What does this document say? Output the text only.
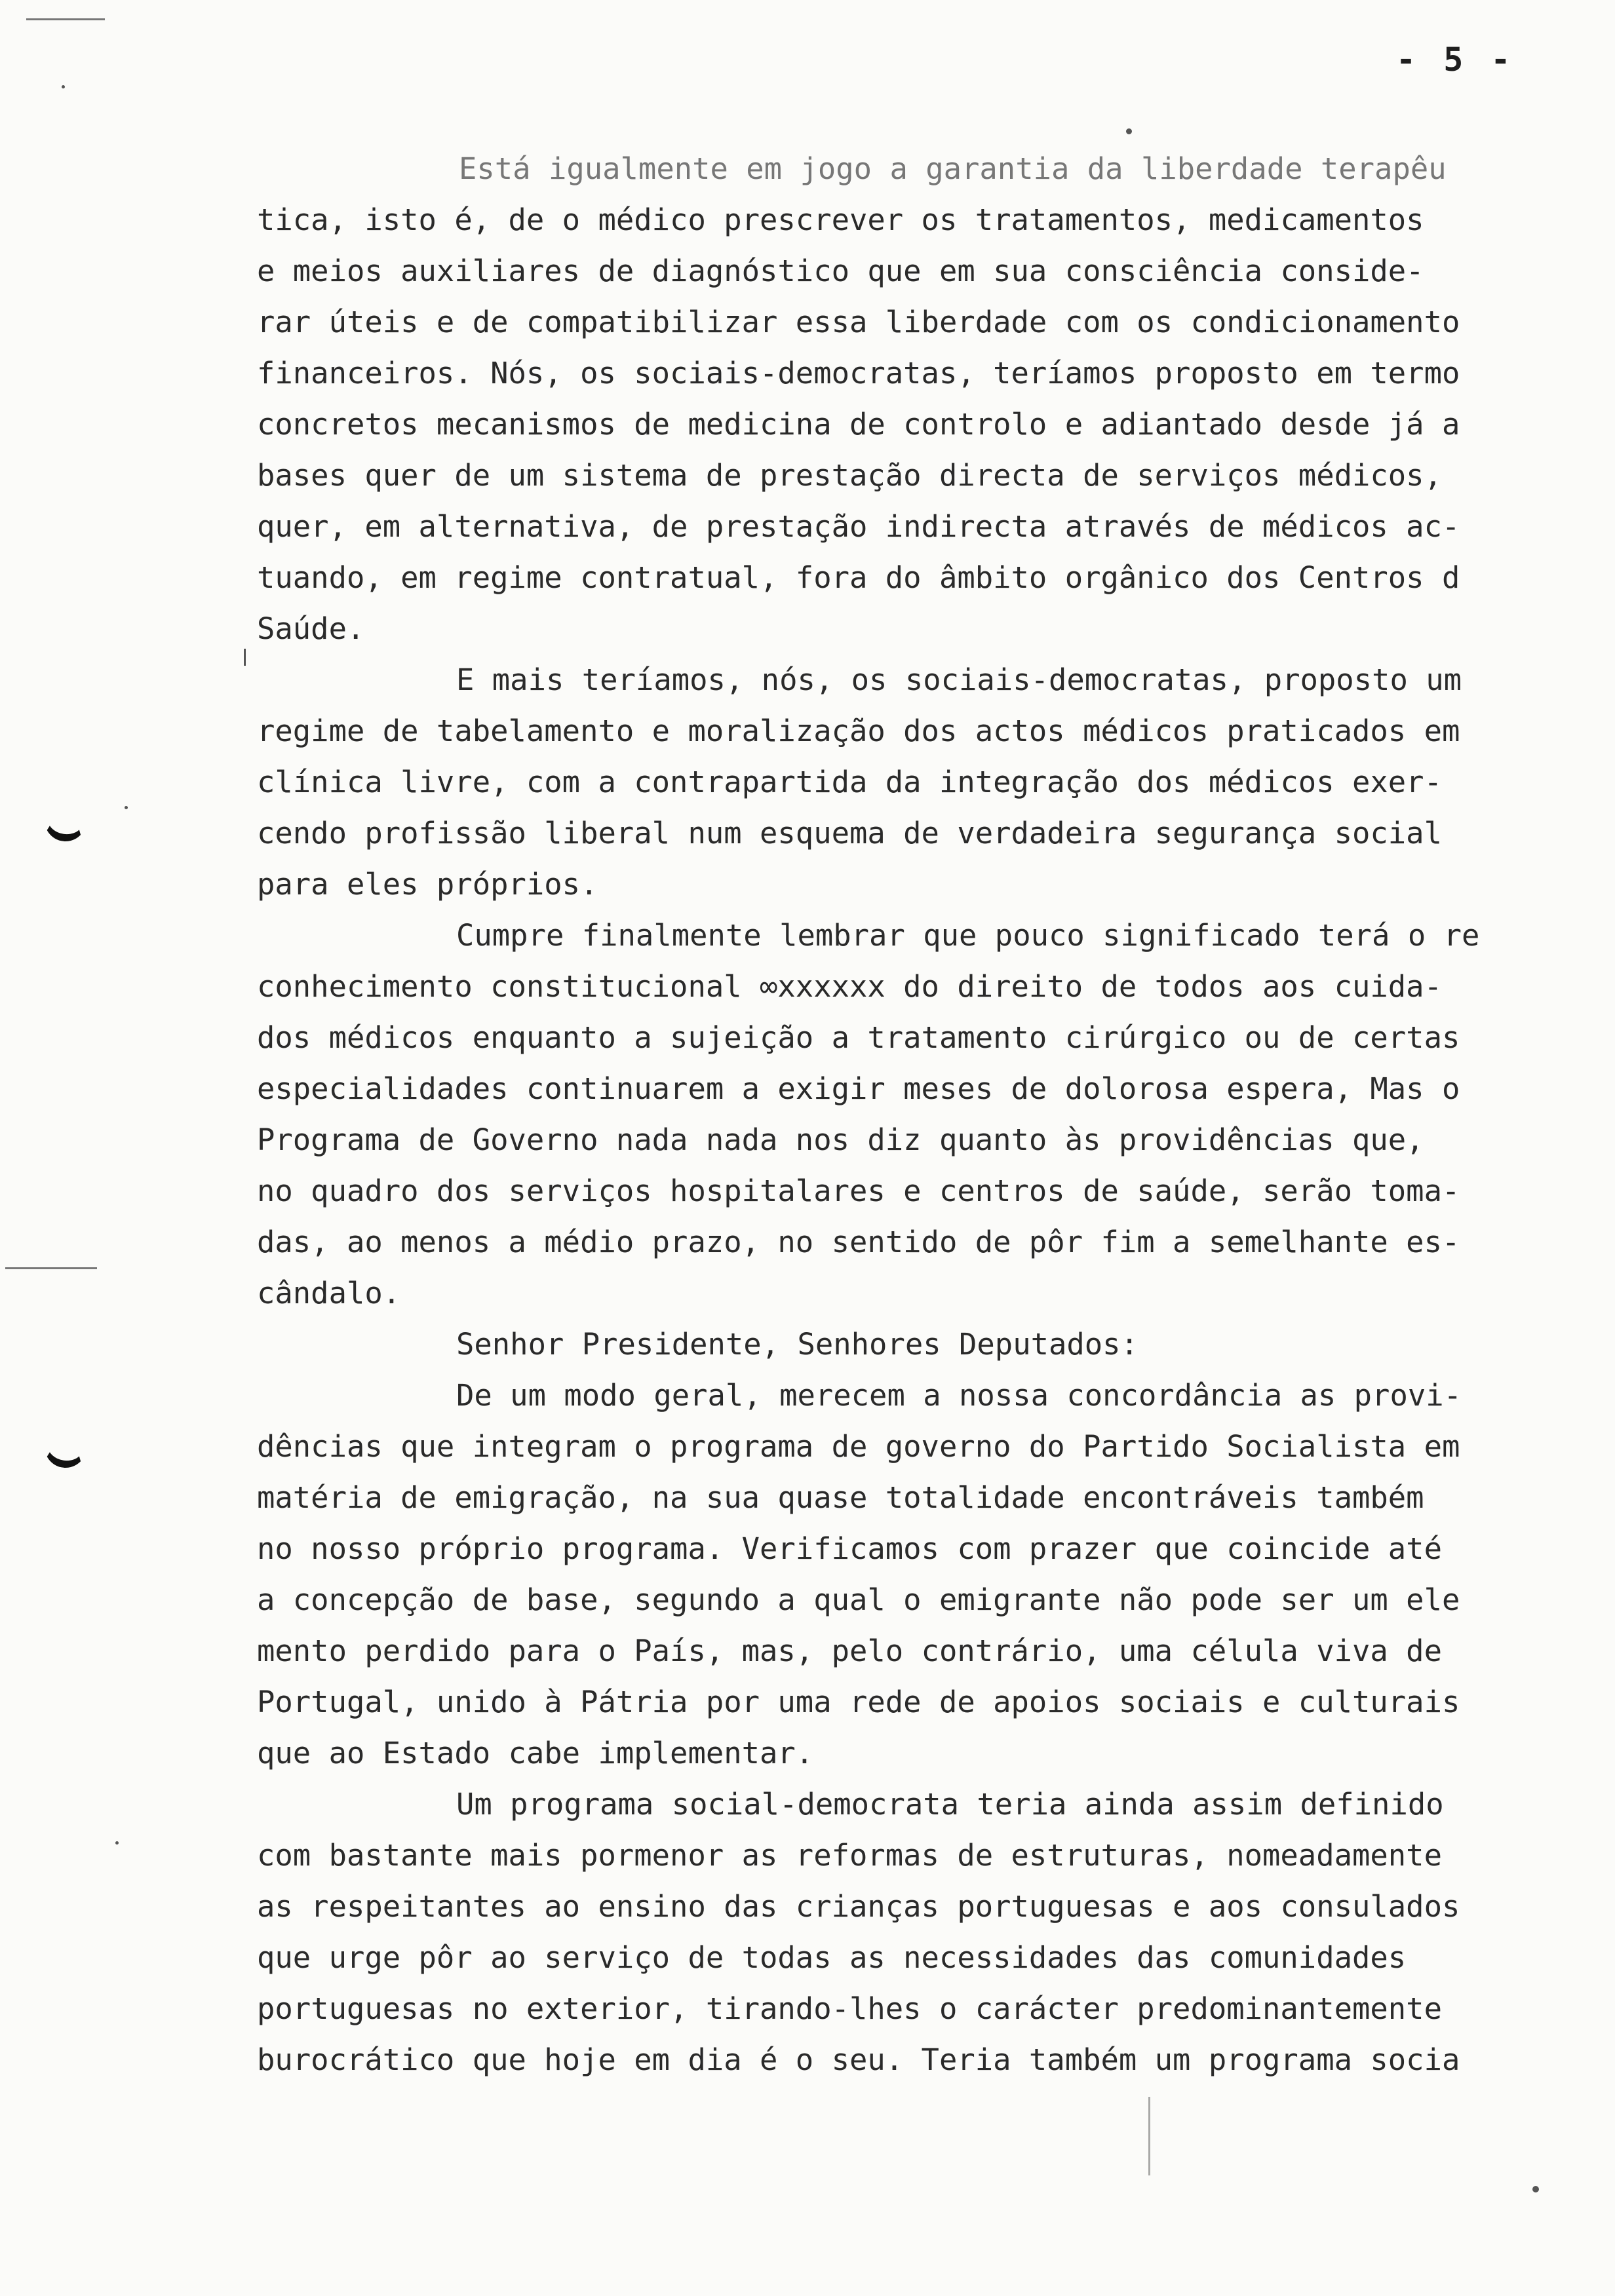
- 5 -
Está igualmente em jogo a garantia da liberdade terapêu
tica, isto é, de o médico prescrever os tratamentos, medicamentos
e meios auxiliares de diagnóstico que em sua consciência conside-
rar úteis e de compatibilizar essa liberdade com os condicionamento
financeiros. Nós, os sociais-democratas, teríamos proposto em termo
concretos mecanismos de medicina de controlo e adiantado desde já a
bases quer de um sistema de prestação directa de serviços médicos,
quer, em alternativa, de prestação indirecta através de médicos ac-
tuando, em regime contratual, fora do âmbito orgânico dos Centros d
Saúde.
E mais teríamos, nós, os sociais-democratas, proposto um
regime de tabelamento e moralização dos actos médicos praticados em
clínica livre, com a contrapartida da integração dos médicos exer-
cendo profissão liberal num esquema de verdadeira segurança social
para eles próprios.
Cumpre finalmente lembrar que pouco significado terá o re
conhecimento constitucional ∞xxxxxx do direito de todos aos cuida-
dos médicos enquanto a sujeição a tratamento cirúrgico ou de certas
especialidades continuarem a exigir meses de dolorosa espera, Mas o
Programa de Governo nada nada nos diz quanto às providências que,
no quadro dos serviços hospitalares e centros de saúde, serão toma-
das, ao menos a médio prazo, no sentido de pôr fim a semelhante es-
cândalo.
Senhor Presidente, Senhores Deputados:
De um modo geral, merecem a nossa concordância as provi-
dências que integram o programa de governo do Partido Socialista em
matéria de emigração, na sua quase totalidade encontráveis também
no nosso próprio programa. Verificamos com prazer que coincide até
a concepção de base, segundo a qual o emigrante não pode ser um ele
mento perdido para o País, mas, pelo contrário, uma célula viva de
Portugal, unido à Pátria por uma rede de apoios sociais e culturais
que ao Estado cabe implementar.
Um programa social-democrata teria ainda assim definido
com bastante mais pormenor as reformas de estruturas, nomeadamente
as respeitantes ao ensino das crianças portuguesas e aos consulados
que urge pôr ao serviço de todas as necessidades das comunidades
portuguesas no exterior, tirando-lhes o carácter predominantemente
burocrático que hoje em dia é o seu. Teria também um programa socia
